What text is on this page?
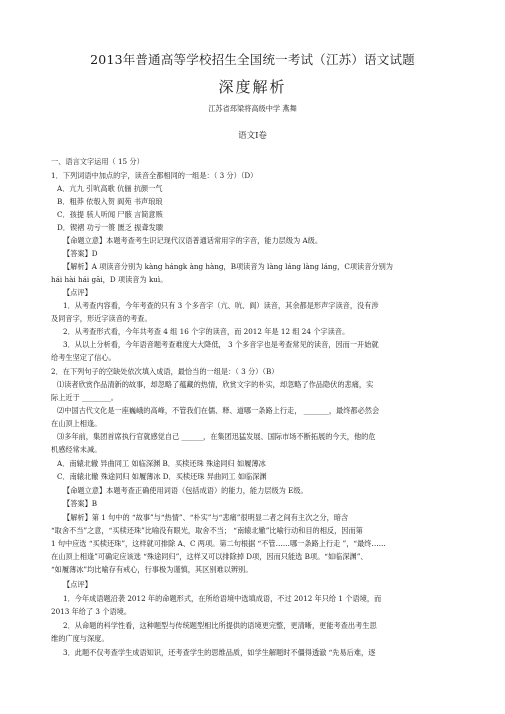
2013年普通高等学校招生全国统一考试（江苏）语文试题
深度解析
江苏省邳梁将高级中学 燕舞
语文Ⅰ卷
一、语言文字运用（ 15 分）
1．下列词语中加点的字，读音全都相同的一组是：（ 3 分）（D）
A．亢九 引吭高歌 伉俪 抗颜一气
B．粗莽 依彀入贺 阆苑 书声琅琅
C．孩提 骇人听闻 尸骸 言简意赅
D．锲褶 功亏一篑 匮乏 振聋发聩
【命题立意】本题考查考生识记现代汉语普通话常用字的字音，能力层级为 A级。
【答案】D
【解析】A 项读音分别为 kàng hángk àng hàng，B项读音为 lànɡ lánɡ lànɡ lánɡ，C项读音分别为
hái hài hái gāi，D 项读音为 kuì。
【点评】
1．从考查内容看，今年考查的只有 3 个多音字（亢、吭、阆）读音，其余都是形声字读音，没有涉
及同音字，形近字读音的考查。
2．从考查形式看，今年共考查 4 组 16 个字的读音，而 2012 年是 12 组 24 个字读音。
3．从以上分析看，今年语音题考查难度大大降低， 3 个多音字也是考查常见的读音，因而一开始就
给考生坚定了信心。
2．在下列句子的空缺处依次填入成语，最恰当的一组是：（ 3 分）（B）
⑴读者欣赏作品清新的故事，却忽略了蕴藏的热情，欣赏文字的朴实，却忽略了作品隐伏的悲痛，实
际上近于 ________。
⑵中国古代文化是一座巍峨的高峰，不管我们在儒、释、道哪一条路上行走， _______，最终都必然会
在山顶上相逢。
⑶多年前，集团首席执行官就感觉自己 ______，在集团迅猛发展、国际市场不断拓展的今天，他的危
机感经常未减。
A．南辕北辙 异曲同工 如临深渊 B．买椟还珠 殊途同归 如履薄冰
C．南辕北辙 殊途同归 如履薄冰 D．买椟还珠 异曲同工 如临深渊
【命题立意】本题考查正确使用词语（包括成语）的能力，能力层级为 E级。
【答案】B
【解析】第 1 句中的 “故事”与“热情”、“朴实”与“悲痛”很明显二者之间有主次之分，暗含
“取舍不当”之意，“买椟还珠”比喻没有眼光，取舍不当； “南辕北辙”比喻行动和目的相反，因而第
1 句中应选 “买椟还珠”，这样就可排除 A、C 两项。第二句根据 “不管……哪一条路上行走 ”，“最终……
在山顶上相逢”可确定应该选 “殊途同归”，这样又可以排除掉 D项，因而只能选 B项。“如临深渊”、
“如履薄冰”均比喻存有戒心，行事极为谨慎，其区别难以辨别。
【点评】
1．今年成语题沿袭 2012 年的命题形式，在所给语境中选填成语，不过 2012 年只给 1 个语境，而
2013 年给了 3 个语境。
2．从命题的科学性看，这种题型与传统题型相比所提供的语境更完整，更清晰，更能考查出考生思
维的广度与深度。
3．此题不仅考查学生成语知识，还考查学生的思维品质，如学生解题时不僵得透澈 “先易后难，逐
